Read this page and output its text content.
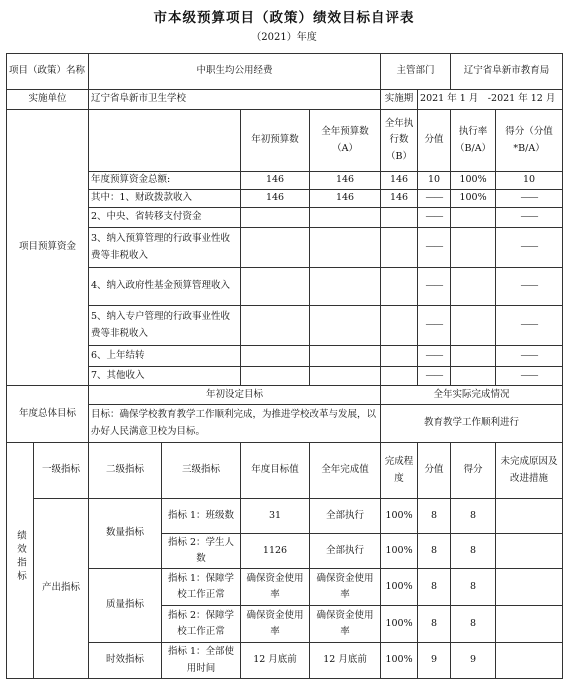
市本级预算项目（政策）绩效目标自评表
（2021）年度
项目（政策）名称		中职生均公用经费				主管部门		辽宁省阜新市教育局	
实施单位		辽宁省阜新市卫生学校				实施期	2021 年 1 月　-2021 年 12 月		
项目预算资金				年初预算数	全年预算数（A）	全年执行数（B）	分值	执行率（B/A）	得分（分值*B/A）
		年度预算资金总额:		146	146	146	10	100%	10
		其中：1、财政拨款收入		146	146	146	——	100%	——
		2、中央、省转移支付资金					——		——
		3、纳入预算管理的行政事业性收费等非税收入					——		——
		4、纳入政府性基金预算管理收入					——		——
		5、纳入专户管理的行政事业性收费等非税收入					——		——
		6、上年结转					——		——
		7、其他收入					——		——
年度总体目标		年初设定目标				全年实际完成情况			
		目标：确保学校教育教学工作顺利完成，为推进学校改革与发展，以办好人民满意卫校为目标。				教育教学工作顺利进行			
绩效指标	一级指标	二级指标	三级指标	年度目标值	全年完成值	完成程度	分值	得分	未完成原因及改进措施
	产出指标	数量指标	指标 1：班级数	31	全部执行	100%	8	8	
			指标 2：学生人数	1126	全部执行	100%	8	8	
		质量指标	指标 1：保障学校工作正常	确保资金使用率	确保资金使用率	100%	8	8	
			指标 2：保障学校工作正常	确保资金使用率	确保资金使用率	100%	8	8	
		时效指标	指标 1：全部使用时间	12 月底前	12 月底前	100%	9	9	
